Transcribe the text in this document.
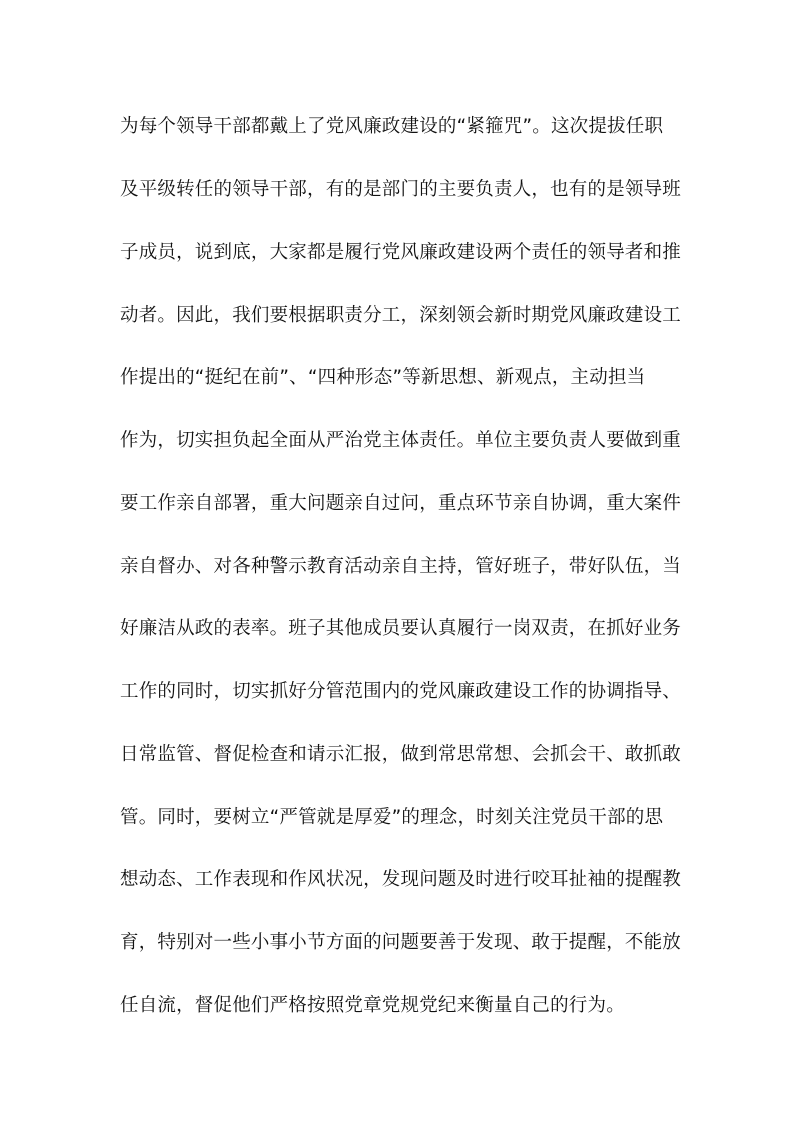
为每个领导干部都戴上了党风廉政建设的“紧箍咒”。这次提拔任职
及平级转任的领导干部，有的是部门的主要负责人，也有的是领导班
子成员，说到底，大家都是履行党风廉政建设两个责任的领导者和推
动者。因此，我们要根据职责分工，深刻领会新时期党风廉政建设工
作提出的“挺纪在前”、“四种形态”等新思想、新观点，主动担当
作为，切实担负起全面从严治党主体责任。单位主要负责人要做到重
要工作亲自部署，重大问题亲自过问，重点环节亲自协调，重大案件
亲自督办、对各种警示教育活动亲自主持，管好班子，带好队伍，当
好廉洁从政的表率。班子其他成员要认真履行一岗双责，在抓好业务
工作的同时，切实抓好分管范围内的党风廉政建设工作的协调指导、
日常监管、督促检查和请示汇报，做到常思常想、会抓会干、敢抓敢
管。同时，要树立“严管就是厚爱”的理念，时刻关注党员干部的思
想动态、工作表现和作风状况，发现问题及时进行咬耳扯袖的提醒教
育，特别对一些小事小节方面的问题要善于发现、敢于提醒，不能放
任自流，督促他们严格按照党章党规党纪来衡量自己的行为。
